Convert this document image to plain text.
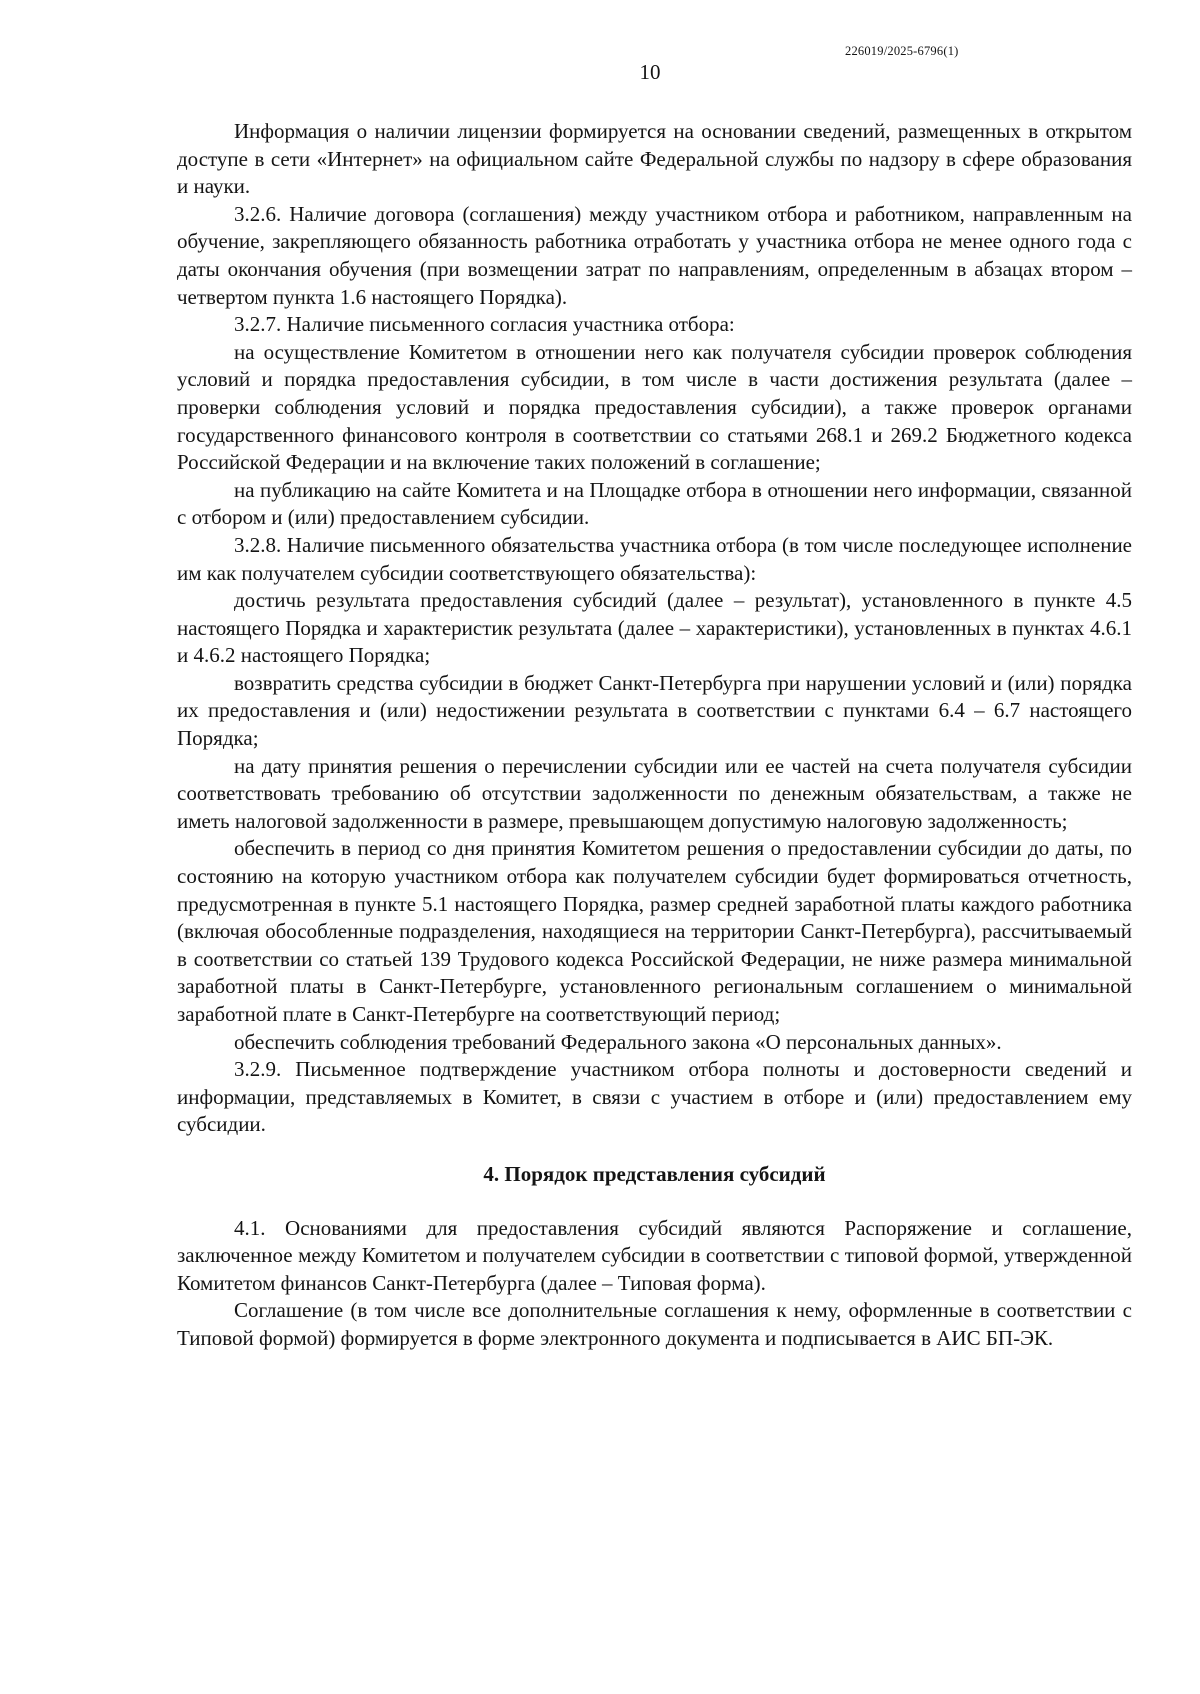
226019/2025-6796(1)
10

Информация о наличии лицензии формируется на основании сведений, размещенных в открытом доступе в сети «Интернет» на официальном сайте Федеральной службы по надзору в сфере образования и науки.

3.2.6. Наличие договора (соглашения) между участником отбора и работником, направленным на обучение, закрепляющего обязанность работника отработать у участника отбора не менее одного года с даты окончания обучения (при возмещении затрат по направлениям, определенным в абзацах втором – четвертом пункта 1.6 настоящего Порядка).

3.2.7. Наличие письменного согласия участника отбора:

на осуществление Комитетом в отношении него как получателя субсидии проверок соблюдения условий и порядка предоставления субсидии, в том числе в части достижения результата (далее – проверки соблюдения условий и порядка предоставления субсидии), а также проверок органами государственного финансового контроля в соответствии со статьями 268.1 и 269.2 Бюджетного кодекса Российской Федерации и на включение таких положений в соглашение;

на публикацию на сайте Комитета и на Площадке отбора в отношении него информации, связанной с отбором и (или) предоставлением субсидии.

3.2.8. Наличие письменного обязательства участника отбора (в том числе последующее исполнение им как получателем субсидии соответствующего обязательства):

достичь результата предоставления субсидий (далее – результат), установленного в пункте 4.5 настоящего Порядка и характеристик результата (далее – характеристики), установленных в пунктах 4.6.1 и 4.6.2 настоящего Порядка;

возвратить средства субсидии в бюджет Санкт-Петербурга при нарушении условий и (или) порядка их предоставления и (или) недостижении результата в соответствии с пунктами 6.4 – 6.7 настоящего Порядка;

на дату принятия решения о перечислении субсидии или ее частей на счета получателя субсидии соответствовать требованию об отсутствии задолженности по денежным обязательствам, а также не иметь налоговой задолженности в размере, превышающем допустимую налоговую задолженность;

обеспечить в период со дня принятия Комитетом решения о предоставлении субсидии до даты, по состоянию на которую участником отбора как получателем субсидии будет формироваться отчетность, предусмотренная в пункте 5.1 настоящего Порядка, размер средней заработной платы каждого работника (включая обособленные подразделения, находящиеся на территории Санкт-Петербурга), рассчитываемый в соответствии со статьей 139 Трудового кодекса Российской Федерации, не ниже размера минимальной заработной платы в Санкт-Петербурге, установленного региональным соглашением о минимальной заработной плате в Санкт-Петербурге на соответствующий период;

обеспечить соблюдения требований Федерального закона «О персональных данных».

3.2.9. Письменное подтверждение участником отбора полноты и достоверности сведений и информации, представляемых в Комитет, в связи с участием в отборе и (или) предоставлением ему субсидии.

4. Порядок представления субсидий

4.1. Основаниями для предоставления субсидий являются Распоряжение и соглашение, заключенное между Комитетом и получателем субсидии в соответствии с типовой формой, утвержденной Комитетом финансов Санкт-Петербурга (далее – Типовая форма).

Соглашение (в том числе все дополнительные соглашения к нему, оформленные в соответствии с Типовой формой) формируется в форме электронного документа и подписывается в АИС БП-ЭК.
